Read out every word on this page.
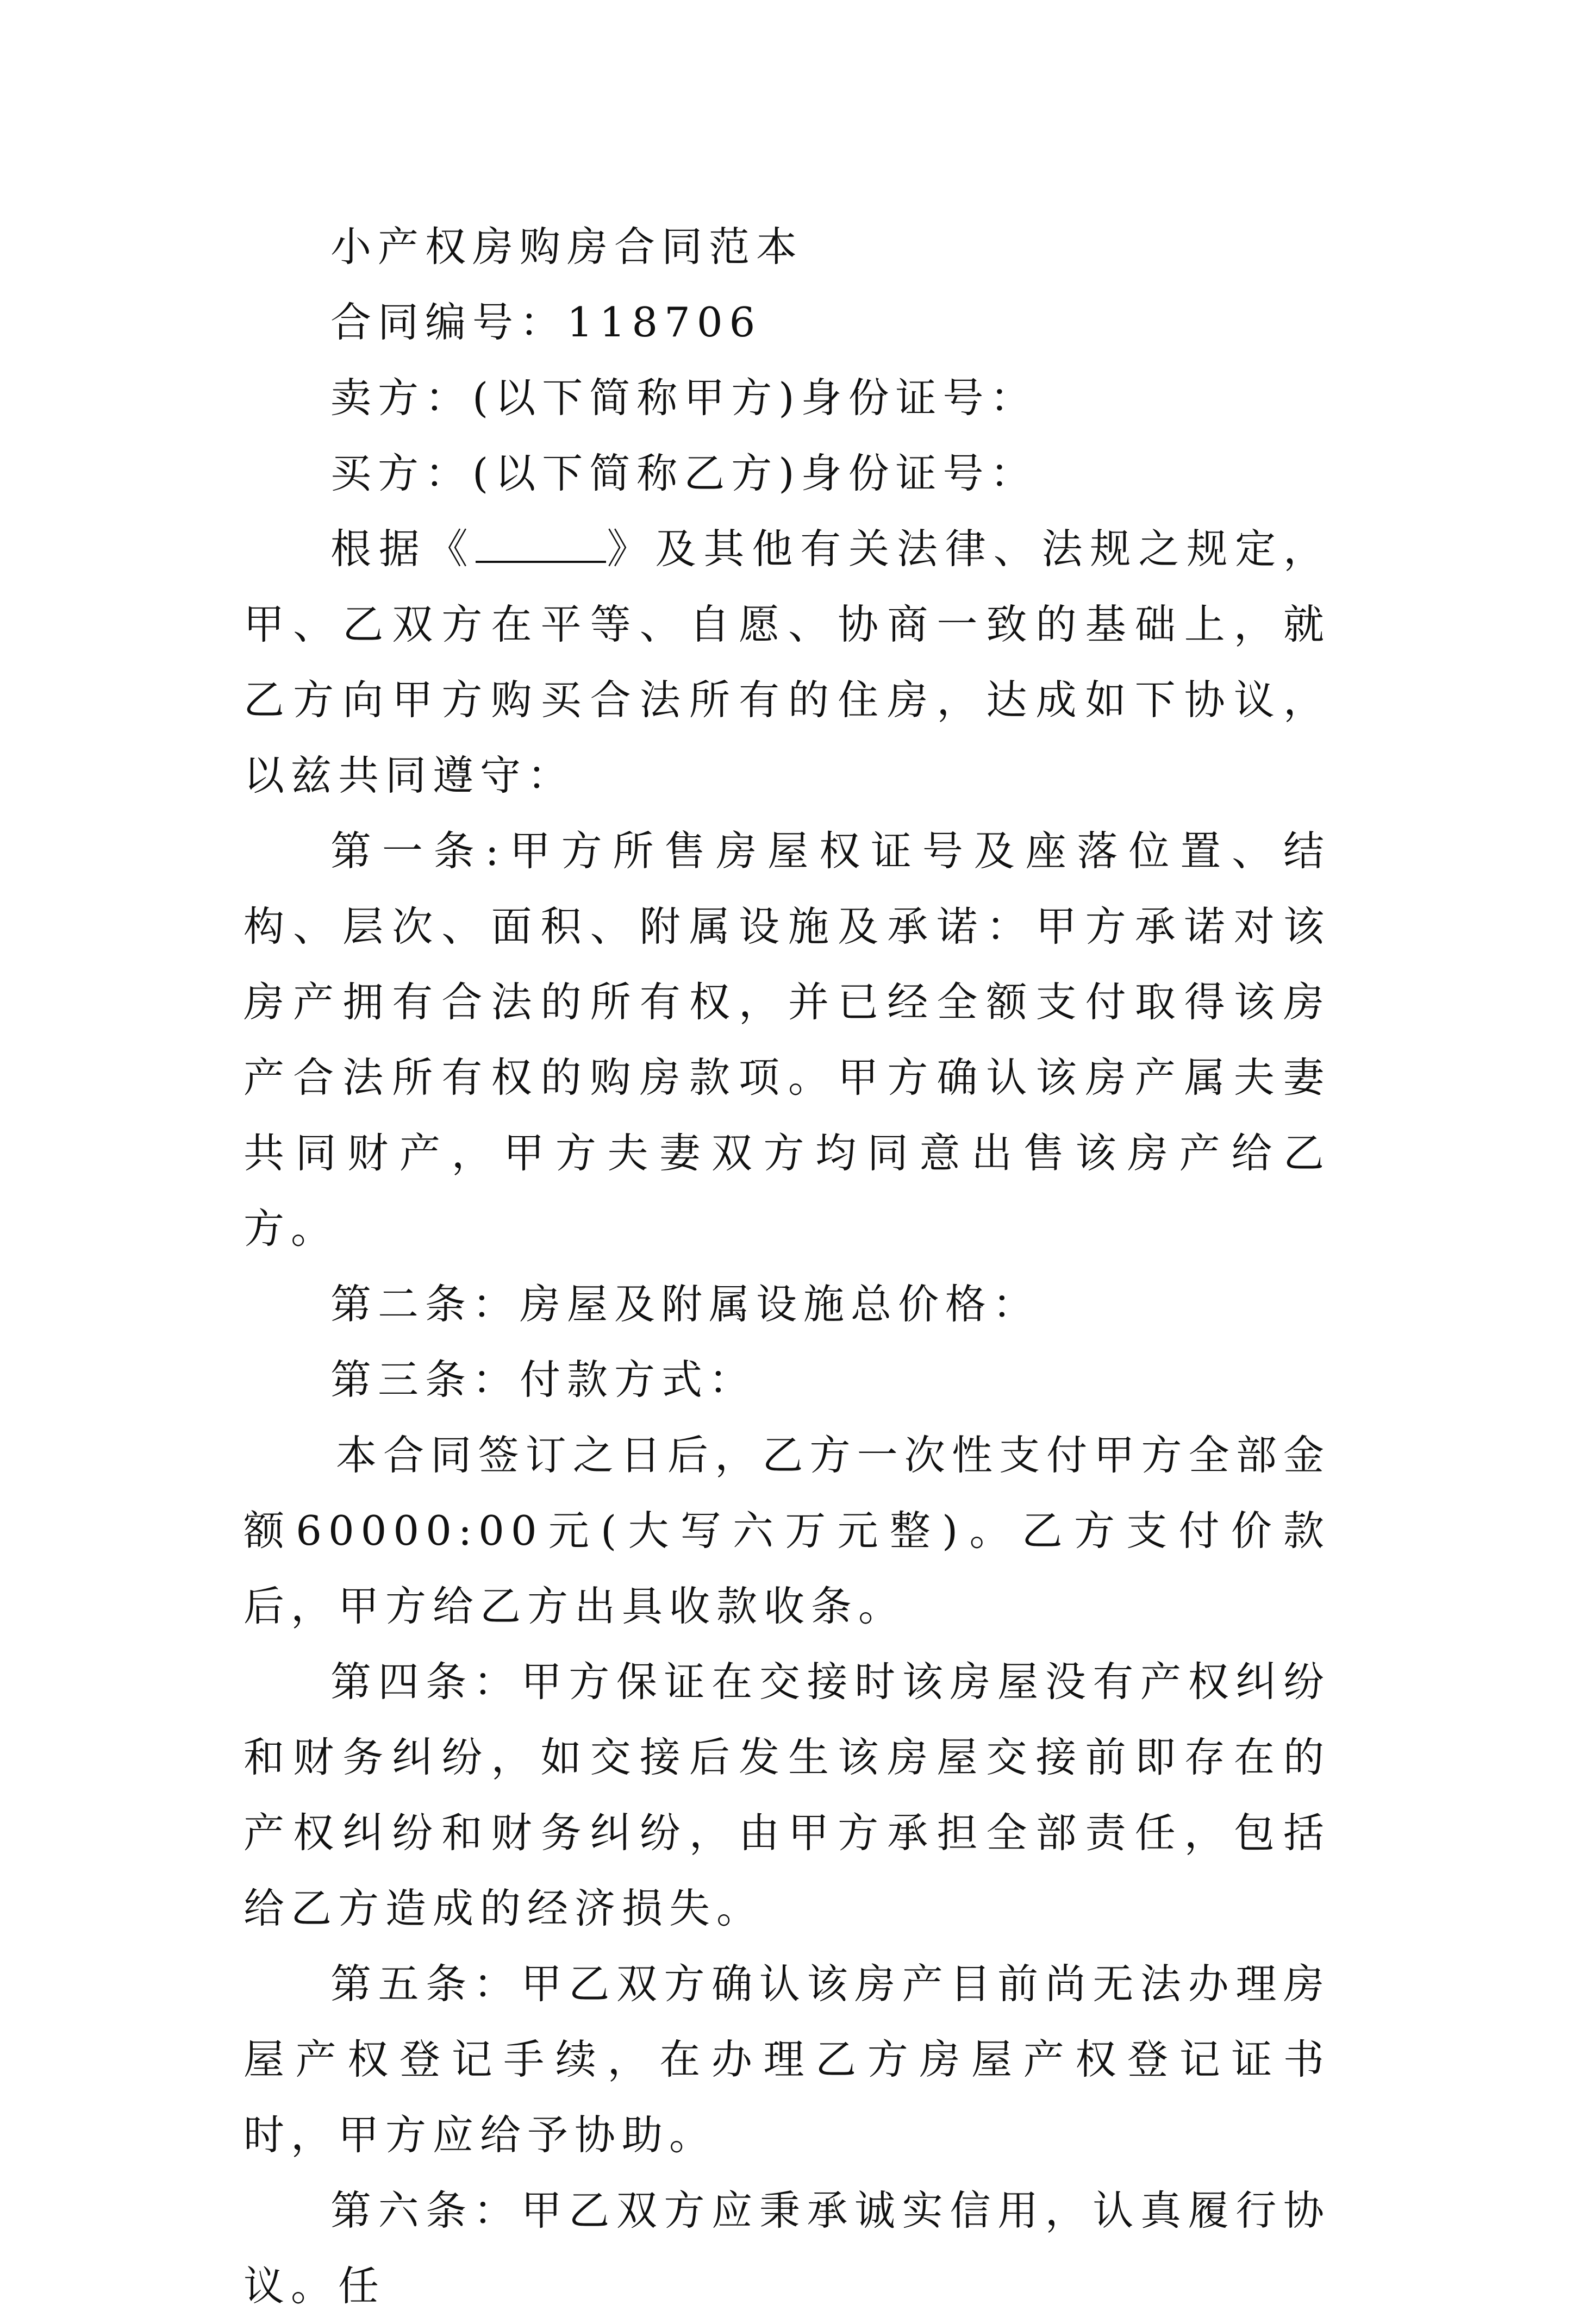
小产权房购房合同范本

合同编号：118706

卖方：(以下简称甲方)身份证号：

买方：(以下简称乙方)身份证号：

根据《	》及其他有关法律、法规之规定，甲、乙双方在平等、自愿、协商一致的基础上，就乙方向甲方购买合法所有的住房，达成如下协议，以兹共同遵守：

第一条:甲方所售房屋权证号及座落位置、结构、层次、面积、附属设施及承诺：甲方承诺对该房产拥有合法的所有权，并已经全额支付取得该房产合法所有权的购房款项。甲方确认该房产属夫妻共同财产，甲方夫妻双方均同意出售该房产给乙方。

第二条：房屋及附属设施总价格：

第三条：付款方式：

本合同签订之日后，乙方一次性支付甲方全部金额60000:00元(大写六万元整)。乙方支付价款后，甲方给乙方出具收款收条。

第四条：甲方保证在交接时该房屋没有产权纠纷和财务纠纷，如交接后发生该房屋交接前即存在的产权纠纷和财务纠纷，由甲方承担全部责任，包括给乙方造成的经济损失。

第五条：甲乙双方确认该房产目前尚无法办理房屋产权登记手续，在办理乙方房屋产权登记证书时，甲方应给予协助。

第六条：甲乙双方应秉承诚实信用，认真履行协议。任
